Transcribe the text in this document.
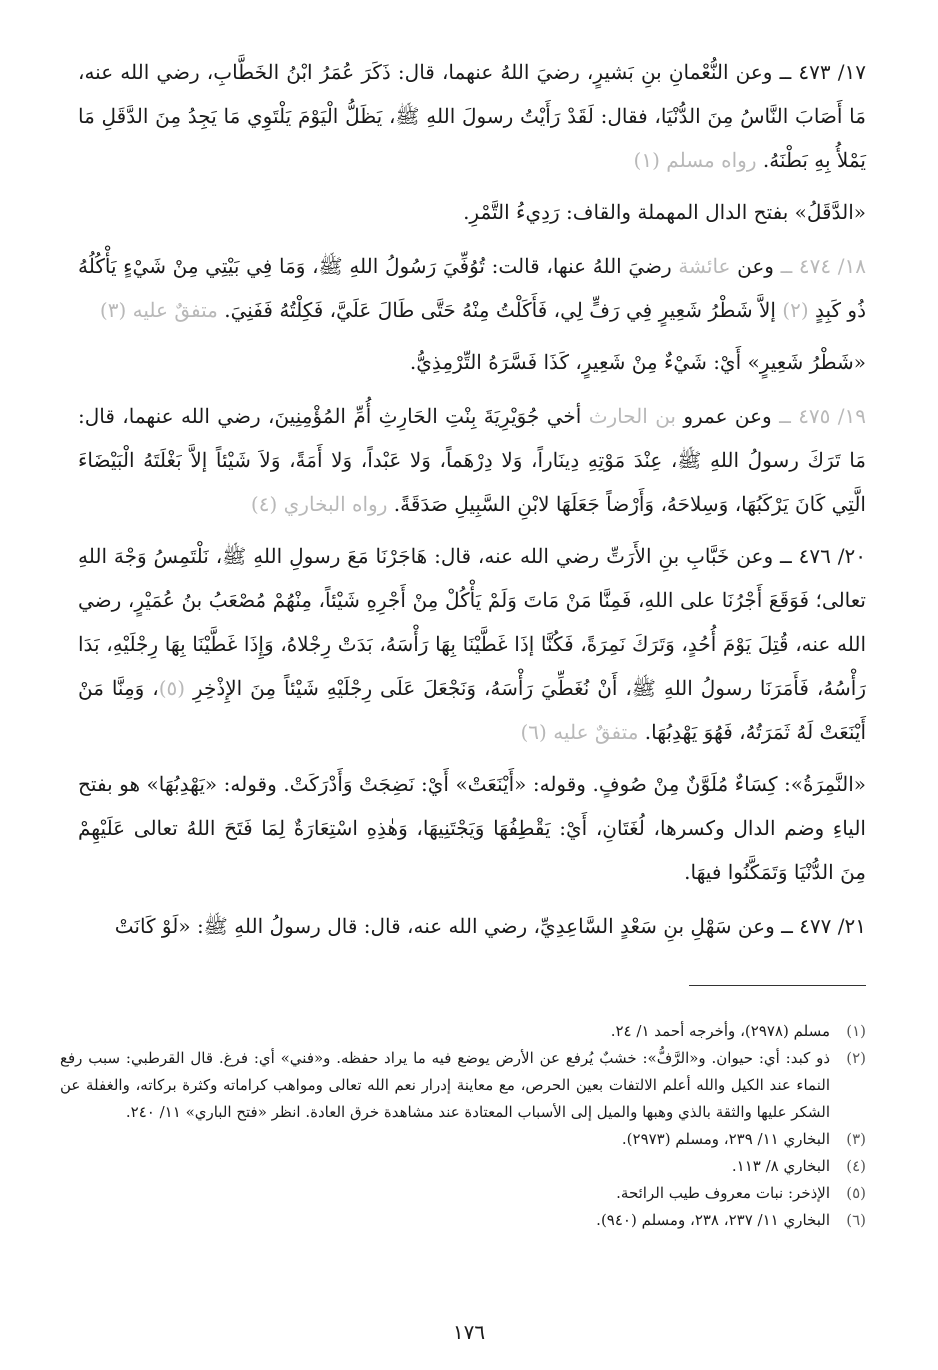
١٧/ ٤٧٣ ــ وعن النُّعْمانِ بنِ بَشيرٍ، رضيَ اللهُ عنهما، قال: ذَكَرَ عُمَرُ ابْنُ الخَطَّابِ، رضي الله عنه، مَا أَصَابَ النَّاسُ مِنَ الدُّنْيَا، فقال: لَقَدْ رَأَيْتُ رسولَ اللهِ ﷺ، يَظَلُّ الْيَوْمَ يَلْتَوِي مَا يَجِدُ مِنَ الدَّقَلِ مَا يَمْلأُ بِهِ بَطْنَهُ. رواه مسلم (١)

«الدَّقَلُ» بفتح الدال المهملة والقاف: رَدِيءُ التَّمْرِ.

١٨/ ٤٧٤ ــ وعن عائشة رضيَ اللهُ عنها، قالت: تُوُفِّيَ رَسُولُ اللهِ ﷺ، وَمَا فِي بَيْتِي مِنْ شَيْءٍ يَأْكُلُهُ ذُو كَبِدٍ (٢) إلاَّ شَطْرُ شَعِيرٍ فِي رَفٍّ لِي، فَأَكَلْتُ مِنْهُ حَتَّى طَالَ عَلَيَّ، فَكِلْتُهُ فَفَنِيَ. متفقٌ عليه (٣)

«شَطْرُ شَعِيرٍ» أَيْ: شَيْءٌ مِنْ شَعِيرٍ، كَذَا فَسَّرَهُ التِّرْمِذِيُّ.

١٩/ ٤٧٥ ــ وعن عمرو بن الحارث أخي جُوَيْرِيَةَ بِنْتِ الحَارِثِ أُمِّ المُؤْمِنِينَ، رضي الله عنهما، قال: مَا تَرَكَ رسولُ اللهِ ﷺ، عِنْدَ مَوْتِهِ دِينَاراً، وَلا دِرْهَماً، وَلا عَبْداً، وَلا أَمَةً، وَلاَ شَيْئاً إلاَّ بَغْلَتَهُ الْبَيْضَاءَ الَّتِي كَانَ يَرْكَبُهَا، وَسِلاحَهُ، وَأَرْضاً جَعَلَهَا لابْنِ السَّبِيلِ صَدَقَةً. رواه البخاري (٤)

٢٠/ ٤٧٦ ــ وعن خَبَّابِ بنِ الأَرَتِّ رضي الله عنه، قال: هَاجَرْنَا مَعَ رسولِ اللهِ ﷺ، نَلْتَمِسُ وَجْهَ اللهِ تعالى؛ فَوَقَعَ أَجْرُنَا على اللهِ، فَمِنَّا مَنْ مَاتَ وَلَمْ يَأْكُلْ مِنْ أَجْرِهِ شَيْئاً، مِنْهُمْ مُصْعَبُ بنُ عُمَيْرٍ، رضي الله عنه، قُتِلَ يَوْمَ أُحُدٍ، وَتَرَكَ نَمِرَةً، فَكُنَّا إذَا غَطَّيْنَا بِهَا رَأْسَهُ، بَدَتْ رِجْلاهُ، وَإِذَا غَطَّيْنَا بِهَا رِجْلَيْهِ، بَدَا رَأْسُهُ، فَأَمَرَنَا رسولُ اللهِ ﷺ، أَنْ نُغَطِّيَ رَأْسَهُ، وَنَجْعَلَ عَلَى رِجْلَيْهِ شَيْئاً مِنَ الإِذْخِرِ (٥)، وَمِنَّا مَنْ أَيْنَعَتْ لَهُ ثَمَرَتُهُ، فَهُوَ يَهْدِبُهَا. متفقٌ عليه (٦)

«النَّمِرَةُ»: كِسَاءٌ مُلَوَّنٌ مِنْ صُوفٍ. وقوله: «أَيْنَعَتْ» أَيْ: نَضِجَتْ وَأَدْرَكَتْ. وقوله: «يَهْدِبُهَا» هو بفتح الياءِ وضم الدال وكسرها، لُغَتَانِ، أَيْ: يَقْطِفُهَا وَيَجْتَنِيهَا، وَهٰذِهِ اسْتِعَارَةٌ لِمَا فَتَحَ اللهُ تعالى عَلَيْهِمْ مِنَ الدُّنْيَا وَتَمَكَّنُوا فيهَا.

٢١/ ٤٧٧ ــ وعن سَهْلِ بنِ سَعْدٍ السَّاعِدِيِّ، رضي الله عنه، قال: قال رسولُ اللهِ ﷺ: «لَوْ كَانَتْ

(١)
مسلم (٢٩٧٨)، وأخرجه أحمد ١/ ٢٤.
(٢)
ذو كبد: أي: حيوان. و«الرَّفُّ»: خشبٌ يُرفع عن الأرض يوضع فيه ما يراد حفظه. و«فني» أي: فرغ. قال القرطبي: سبب رفع النماء عند الكيل والله أعلم الالتفات بعين الحرص، مع معاينة إدرار نعم الله تعالى ومواهب كراماته وكثرة بركاته، والغفلة عن الشكر عليها والثقة بالذي وهبها والميل إلى الأسباب المعتادة عند مشاهدة خرق العادة. انظر «فتح الباري» ١١/ ٢٤٠.
(٣)
البخاري ١١/ ٢٣٩، ومسلم (٢٩٧٣).
(٤)
البخاري ٨/ ١١٣.
(٥)
الإذخر: نبات معروف طيب الرائحة.
(٦)
البخاري ١١/ ٢٣٧، ٢٣٨، ومسلم (٩٤٠).
١٧٦
